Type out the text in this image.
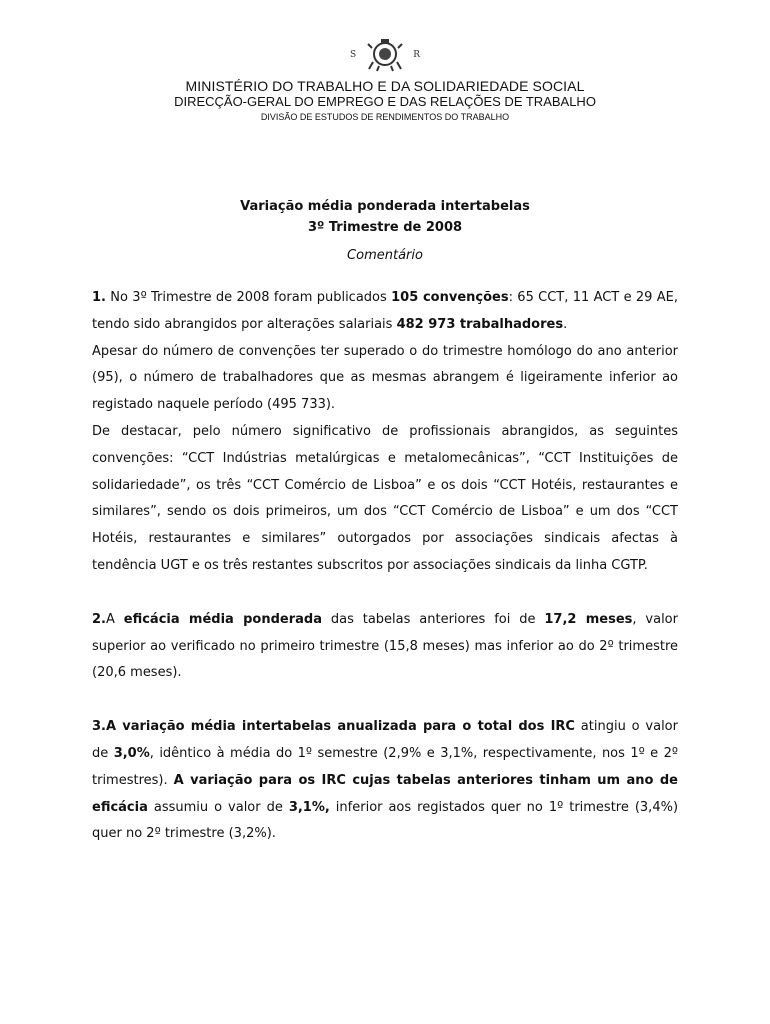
S	R
MINISTÉRIO DO TRABALHO E DA SOLIDARIEDADE SOCIAL
DIRECÇÃO-GERAL DO EMPREGO E DAS RELAÇÕES DE TRABALHO
DIVISÃO DE ESTUDOS DE RENDIMENTOS DO TRABALHO
Variação média ponderada intertabelas
3º Trimestre de 2008
Comentário

1. No 3º Trimestre de 2008 foram publicados 105 convenções: 65 CCT, 11 ACT e 29 AE, tendo sido abrangidos por alterações salariais 482 973 trabalhadores.

Apesar do número de convenções ter superado o do trimestre homólogo do ano anterior (95), o número de trabalhadores que as mesmas abrangem é ligeiramente inferior ao registado naquele período (495 733).

De destacar, pelo número significativo de profissionais abrangidos, as seguintes convenções: “CCT Indústrias metalúrgicas e metalomecânicas”, “CCT Instituições de solidariedade”, os três “CCT Comércio de Lisboa” e os dois “CCT Hotéis, restaurantes e similares”, sendo os dois primeiros, um dos “CCT Comércio de Lisboa” e um dos “CCT Hotéis, restaurantes e similares” outorgados por associações sindicais afectas à tendência UGT e os três restantes subscritos por associações sindicais da linha CGTP.

2.A eficácia média ponderada das tabelas anteriores foi de 17,2 meses, valor superior ao verificado no primeiro trimestre (15,8 meses) mas inferior ao do 2º trimestre (20,6 meses).

3.A variação média intertabelas anualizada para o total dos IRC atingiu o valor de 3,0%, idêntico à média do 1º semestre (2,9% e 3,1%, respectivamente, nos 1º e 2º trimestres). A variação para os IRC cujas tabelas anteriores tinham um ano de eficácia assumiu o valor de 3,1%, inferior aos registados quer no 1º trimestre (3,4%) quer no 2º trimestre (3,2%).
